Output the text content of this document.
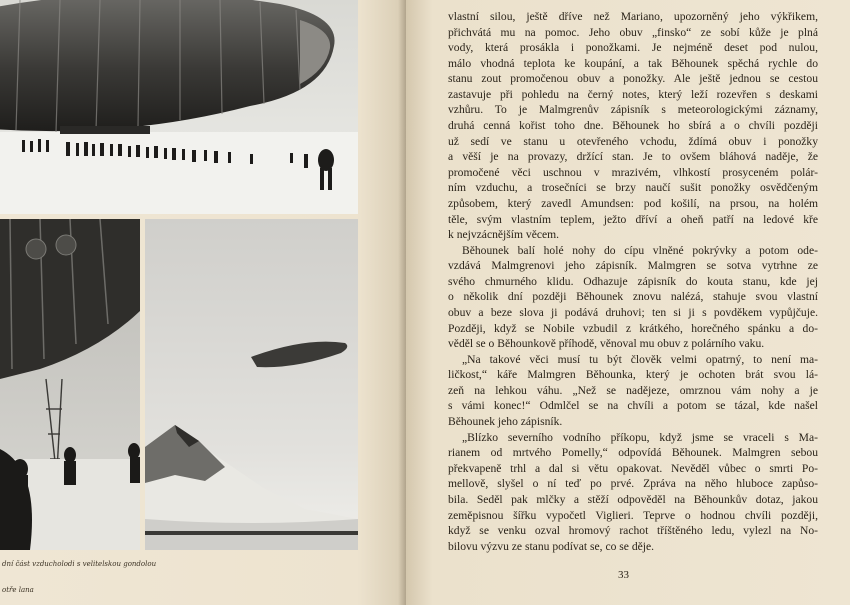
dní část vzducholodi s velitelskou gondolou
otře lana
vlastní silou, ještě dříve než Mariano, upozorněný jeho výkřikem,
přichvátá mu na pomoc. Jeho obuv „finsko“ ze sobí kůže je plná
vody, která prosákla i ponožkami. Je nejméně deset pod nulou,
málo vhodná teplota ke koupání, a tak Běhounek spěchá rychle do
stanu zout promočenou obuv a ponožky. Ale ještě jednou se cestou
zastavuje při pohledu na černý notes, který leží rozevřen s deskami
vzhůru. To je Malmgrenův zápisník s meteorologickými záznamy,
druhá cenná kořist toho dne. Běhounek ho sbírá a o chvíli později
už sedí ve stanu u otevřeného vchodu, ždímá obuv i ponožky
a věší je na provazy, držící stan. Je to ovšem bláhová naděje, že
promočené věci uschnou v mrazivém, vlhkostí prosyceném polár-
ním vzduchu, a trosečníci se brzy naučí sušit ponožky osvědčeným
způsobem, který zavedl Amundsen: pod košilí, na prsou, na holém
těle, svým vlastním teplem, ježto dříví a oheň patří na ledové kře
k nejvzácnějším věcem.
Běhounek balí holé nohy do cípu vlněné pokrývky a potom ode-
vzdává Malmgrenovi jeho zápisník. Malmgren se sotva vytrhne ze
svého chmurného klidu. Odhazuje zápisník do kouta stanu, kde jej
o několik dní později Běhounek znovu nalézá, stahuje svou vlastní
obuv a beze slova ji podává druhovi; ten si ji s povděkem vypůjčuje.
Později, když se Nobile vzbudil z krátkého, horečného spánku a do-
věděl se o Běhounkově příhodě, věnoval mu obuv z polárního vaku.
„Na takové věci musí tu být člověk velmi opatrný, to není ma-
ličkost,“ káře Malmgren Běhounka, který je ochoten brát svou lá-
zeň na lehkou váhu. „Než se nadějeze, omrznou vám nohy a je
s vámi konec!“ Odmlčel se na chvíli a potom se tázal, kde našel
Běhounek jeho zápisník.
„Blízko severního vodního příkopu, když jsme se vraceli s Ma-
rianem od mrtvého Pomelly,“ odpovídá Běhounek. Malmgren sebou
překvapeně trhl a dal si větu opakovat. Nevěděl vůbec o smrti Po-
mellově, slyšel o ní teď po prvé. Zpráva na něho hluboce zapůso-
bila. Seděl pak mlčky a stěží odpověděl na Běhounkův dotaz, jakou
zeměpisnou šířku vypočetl Viglieri. Teprve o hodnou chvíli později,
když se venku ozval hromový rachot tříštěného ledu, vylezl na No-
bilovu výzvu ze stanu podívat se, co se děje.
33
